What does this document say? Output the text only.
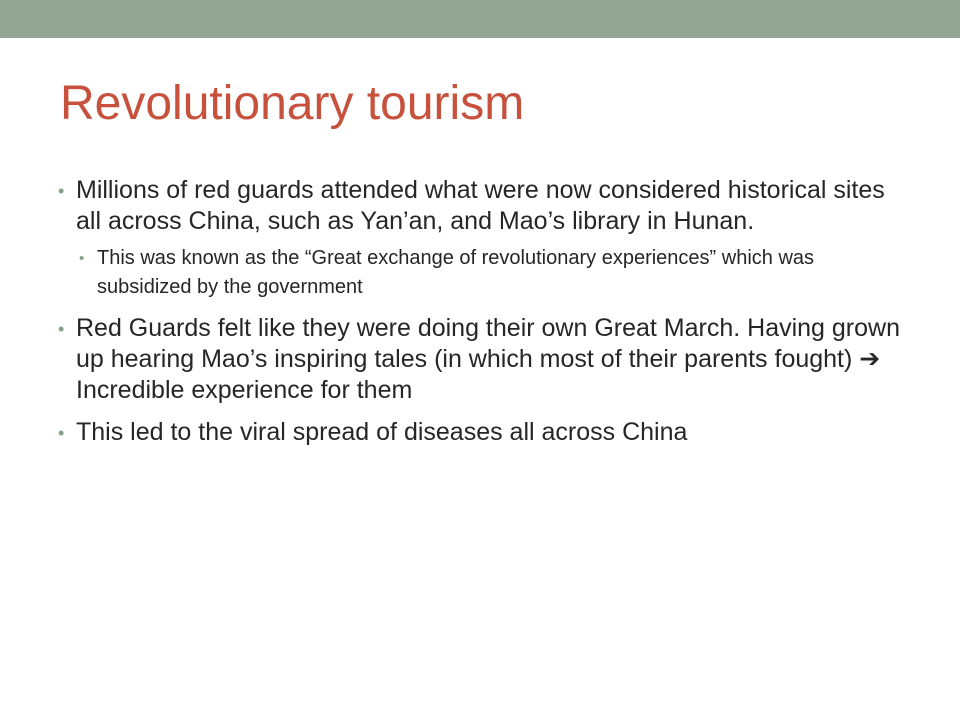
Revolutionary tourism
• Millions of red guards attended what were now considered historical sites all across China, such as Yan’an, and Mao’s library in Hunan.
• This was known as the “Great exchange of revolutionary experiences” which was subsidized by the government
• Red Guards felt like they were doing their own Great March. Having grown up hearing Mao’s inspiring tales (in which most of their parents fought) ➔ Incredible experience for them
• This led to the viral spread of diseases all across China
